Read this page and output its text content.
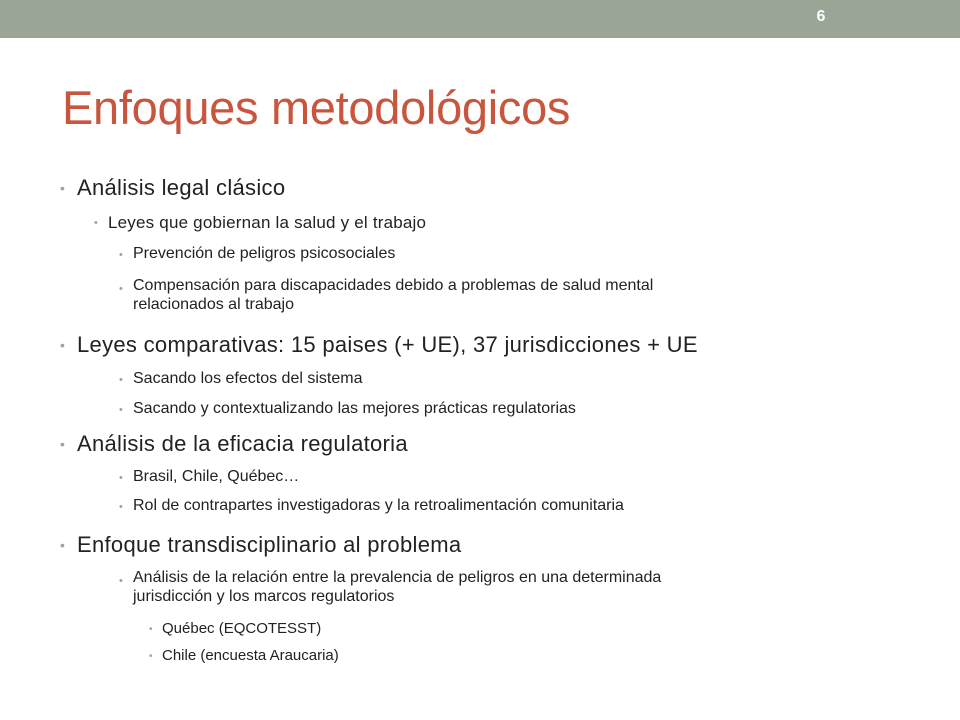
6
Enfoques metodológicos
• Análisis legal clásico
• Leyes que gobiernan la salud y el trabajo
• Prevención de peligros psicosociales
• Compensación para discapacidades debido a problemas de salud mental
relacionados al trabajo
• Leyes comparativas: 15 paises (+ UE), 37 jurisdicciones + UE
• Sacando los efectos del sistema
• Sacando y contextualizando las mejores prácticas regulatorias
• Análisis de la eficacia regulatoria
• Brasil, Chile, Québec…
• Rol de contrapartes investigadoras y la retroalimentación comunitaria
• Enfoque transdisciplinario al problema
• Análisis de la relación entre la prevalencia de peligros en una determinada
jurisdicción y los marcos regulatorios
• Québec (EQCOTESST)
• Chile (encuesta Araucaria)
